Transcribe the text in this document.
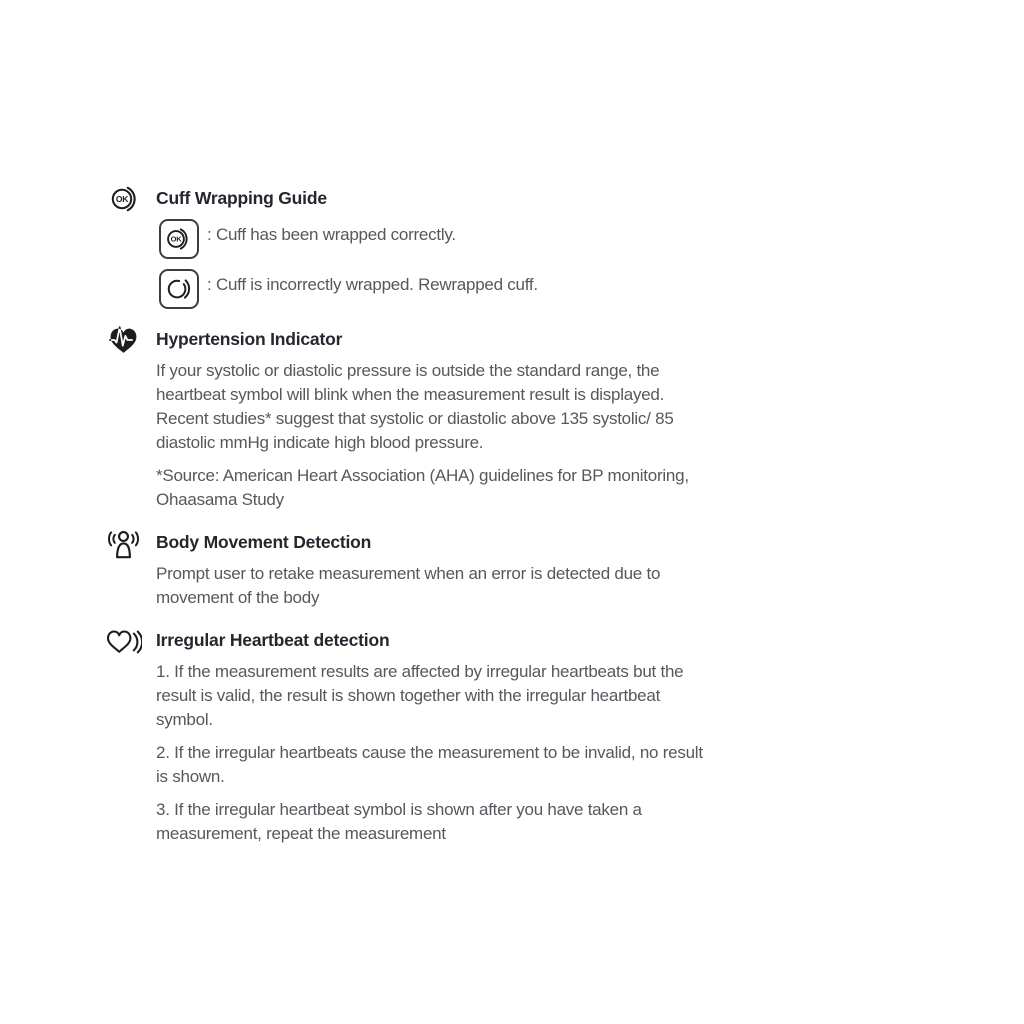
OK Cuff Wrapping Guide
OK : Cuff has been wrapped correctly.
: Cuff is incorrectly wrapped. Rewrapped cuff.
Hypertension Indicator
If your systolic or diastolic pressure is outside the standard range, the
heartbeat symbol will blink when the measurement result is displayed.
Recent studies* suggest that systolic or diastolic above 135 systolic/ 85
diastolic mmHg indicate high blood pressure.
*Source: American Heart Association (AHA) guidelines for BP monitoring,
Ohaasama Study
Body Movement Detection
Prompt user to retake measurement when an error is detected due to
movement of the body
Irregular Heartbeat detection
1. If the measurement results are affected by irregular heartbeats but the
result is valid, the result is shown together with the irregular heartbeat
symbol.
2. If the irregular heartbeats cause the measurement to be invalid, no result
is shown.
3. If the irregular heartbeat symbol is shown after you have taken a
measurement, repeat the measurement
